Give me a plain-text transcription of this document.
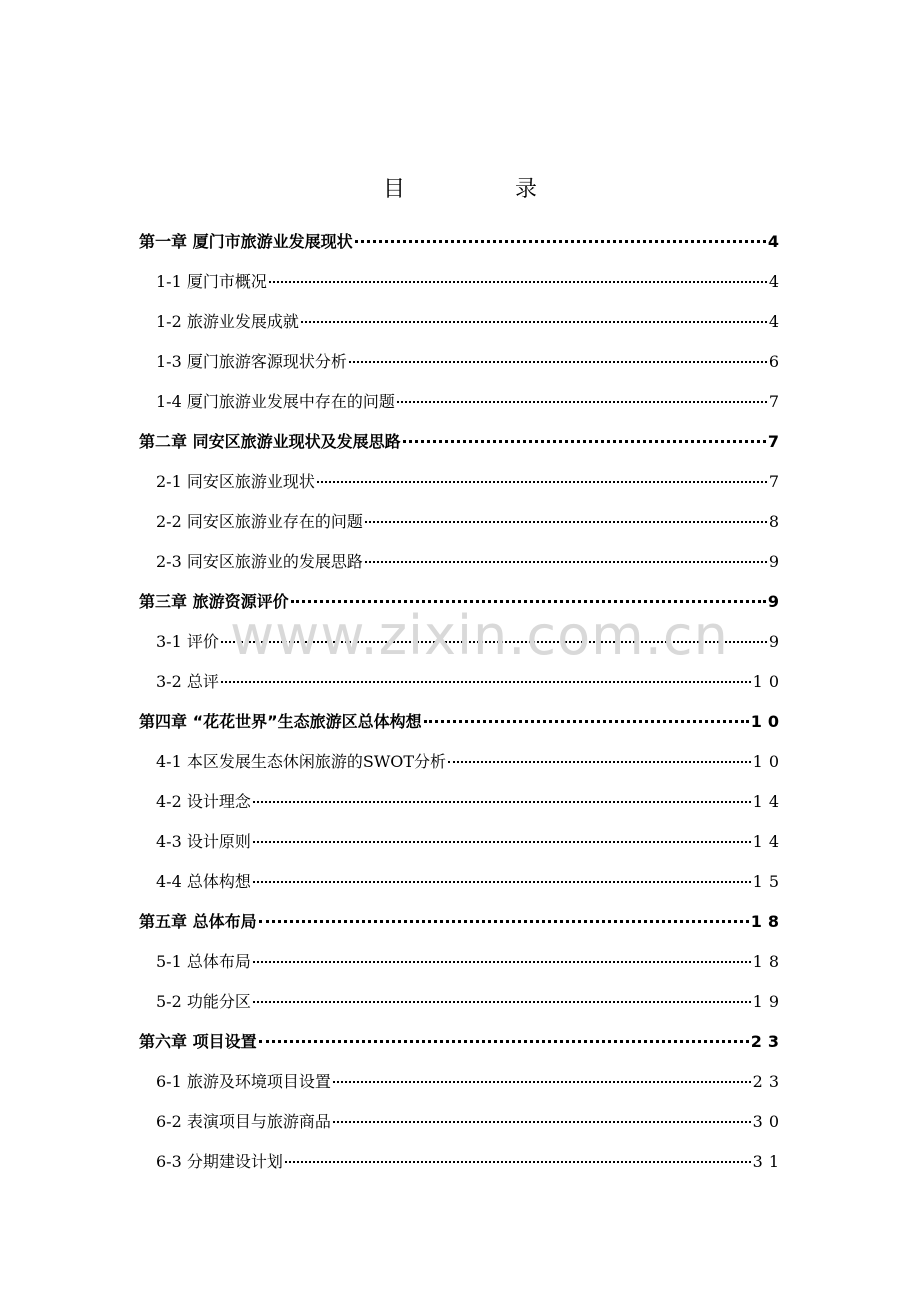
目	录
第一章 厦门市旅游业发展现状	4
1-1 厦门市概况	4
1-2 旅游业发展成就	4
1-3 厦门旅游客源现状分析	6
1-4 厦门旅游业发展中存在的问题	7
第二章 同安区旅游业现状及发展思路	7
2-1 同安区旅游业现状	7
2-2 同安区旅游业存在的问题	8
2-3 同安区旅游业的发展思路	9
第三章 旅游资源评价	9
3-1 评价	9
3-2 总评	10
第四章 “花花世界”生态旅游区总体构想	10
4-1 本区发展生态休闲旅游的SWOT分析	10
4-2 设计理念	14
4-3 设计原则	14
4-4 总体构想	15
第五章 总体布局	18
5-1 总体布局	18
5-2 功能分区	19
第六章 项目设置	23
6-1 旅游及环境项目设置	23
6-2 表演项目与旅游商品	30
6-3 分期建设计划	31
www.zixin.com.cn
